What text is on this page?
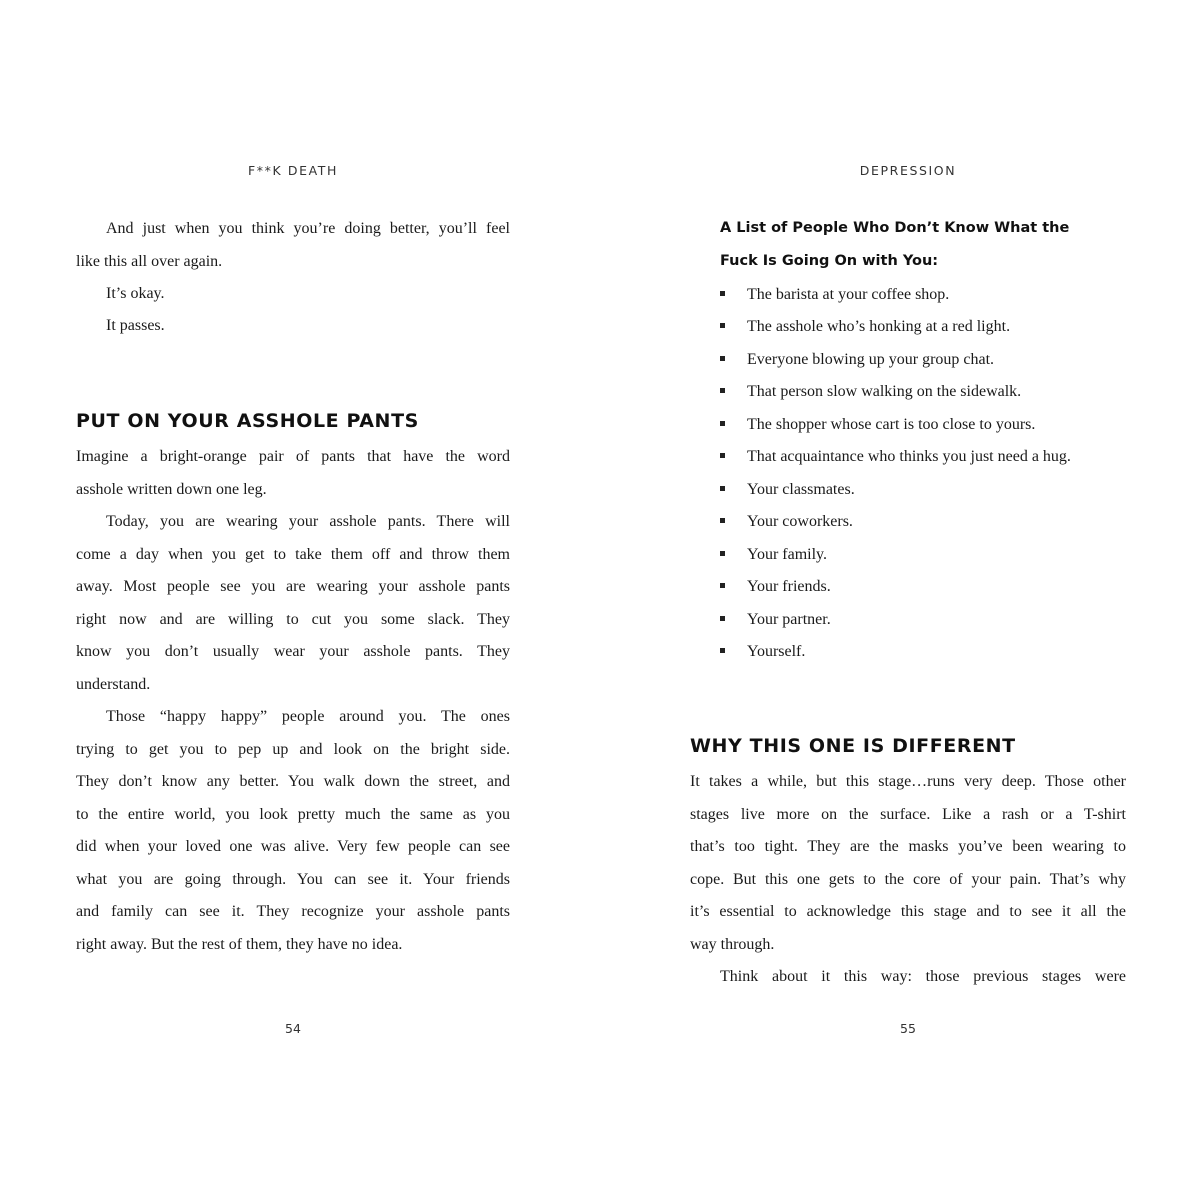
F**K DEATH
And just when you think you’re doing better, you’ll feel
like this all over again.
It’s okay.
It passes.
PUT ON YOUR ASSHOLE PANTS
Imagine a bright-orange pair of pants that have the word
asshole written down one leg.
Today, you are wearing your asshole pants. There will
come a day when you get to take them off and throw them
away. Most people see you are wearing your asshole pants
right now and are willing to cut you some slack. They
know you don’t usually wear your asshole pants. They
understand.
Those “happy happy” people around you. The ones
trying to get you to pep up and look on the bright side.
They don’t know any better. You walk down the street, and
to the entire world, you look pretty much the same as you
did when your loved one was alive. Very few people can see
what you are going through. You can see it. Your friends
and family can see it. They recognize your asshole pants
right away. But the rest of them, they have no idea.
54
DEPRESSION
A List of People Who Don’t Know What the
Fuck Is Going On with You:
The barista at your coffee shop.
The asshole who’s honking at a red light.
Everyone blowing up your group chat.
That person slow walking on the sidewalk.
The shopper whose cart is too close to yours.
That acquaintance who thinks you just need a hug.
Your classmates.
Your coworkers.
Your family.
Your friends.
Your partner.
Yourself.
WHY THIS ONE IS DIFFERENT
It takes a while, but this stage…runs very deep. Those other
stages live more on the surface. Like a rash or a T-shirt
that’s too tight. They are the masks you’ve been wearing to
cope. But this one gets to the core of your pain. That’s why
it’s essential to acknowledge this stage and to see it all the
way through.
Think about it this way: those previous stages were
55
